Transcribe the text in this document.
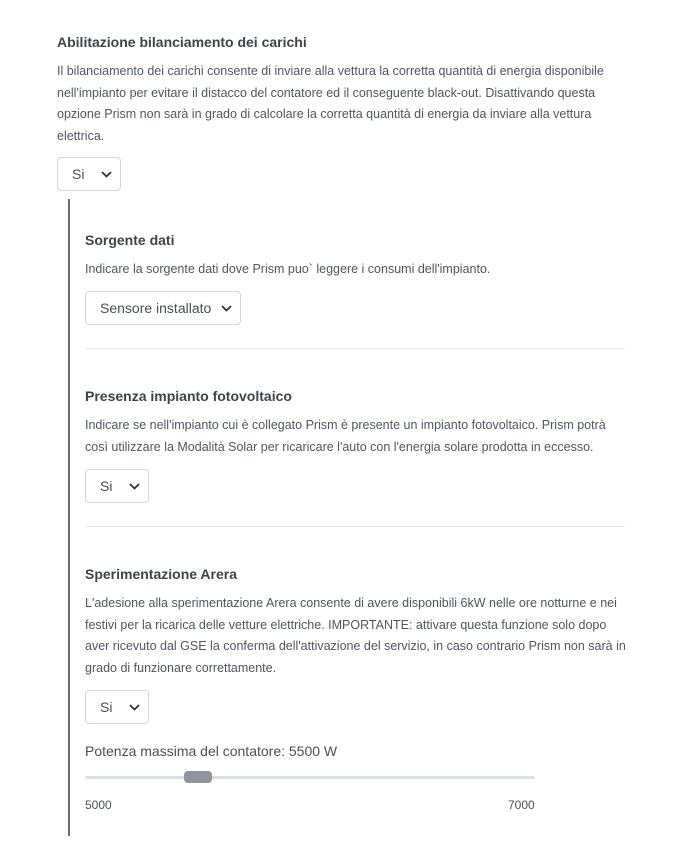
Abilitazione bilanciamento dei carichi
Il bilanciamento dei carichi consente di inviare alla vettura la corretta quantità di energia disponibile
nell'impianto per evitare il distacco del contatore ed il conseguente black-out. Disattivando questa
opzione Prism non sarà in grado di calcolare la corretta quantità di energia da inviare alla vettura
elettrica.
Si
Sorgente dati
Indicare la sorgente dati dove Prism puo` leggere i consumi dell'impianto.
Sensore installato
Presenza impianto fotovoltaico
Indicare se nell'impianto cui è collegato Prism è presente un impianto fotovoltaico. Prism potrà
così utilizzare la Modalità Solar per ricaricare l'auto con l'energia solare prodotta in eccesso.
Si
Sperimentazione Arera
L'adesione alla sperimentazione Arera consente di avere disponibili 6kW nelle ore notturne e nei
festivi per la ricarica delle vetture elettriche. IMPORTANTE: attivare questa funzione solo dopo
aver ricevuto dal GSE la conferma dell'attivazione del servizio, in caso contrario Prism non sarà in
grado di funzionare correttamente.
Si
Potenza massima del contatore: 5500 W
5000	7000
